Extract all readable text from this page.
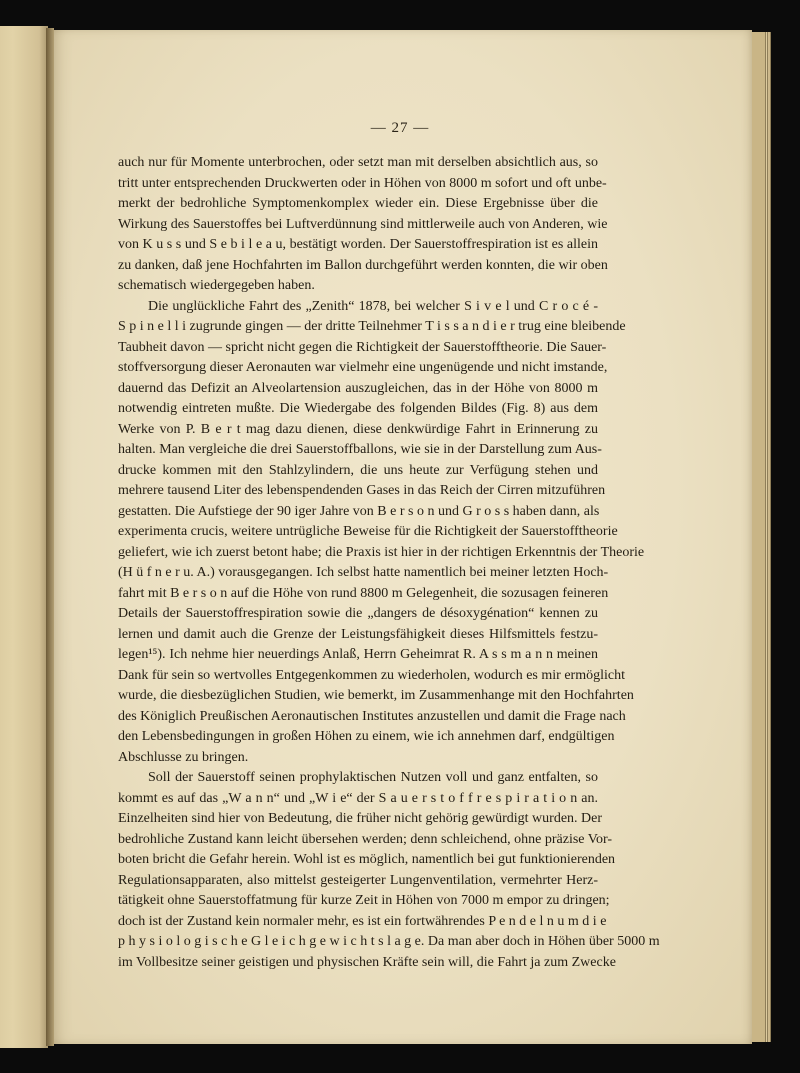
— 27 —
auch nur für Momente unterbrochen, oder setzt man mit derselben absichtlich aus, so
tritt unter entsprechenden Druckwerten oder in Höhen von 8000 m sofort und oft unbe-
merkt der bedrohliche Symptomenkomplex wieder ein. Diese Ergebnisse über die
Wirkung des Sauerstoffes bei Luftverdünnung sind mittlerweile auch von Anderen, wie
von K u s s und S e b i l e a u, bestätigt worden. Der Sauerstoffrespiration ist es allein
zu danken, daß jene Hochfahrten im Ballon durchgeführt werden konnten, die wir oben
schematisch wiedergegeben haben.
Die unglückliche Fahrt des „Zenith“ 1878, bei welcher S i v e l und C r o c é -
S p i n e l l i zugrunde gingen — der dritte Teilnehmer T i s s a n d i e r trug eine bleibende
Taubheit davon — spricht nicht gegen die Richtigkeit der Sauerstofftheorie. Die Sauer-
stoffversorgung dieser Aeronauten war vielmehr eine ungenügende und nicht imstande,
dauernd das Defizit an Alveolartension auszugleichen, das in der Höhe von 8000 m
notwendig eintreten mußte. Die Wiedergabe des folgenden Bildes (Fig. 8) aus dem
Werke von P. B e r t mag dazu dienen, diese denkwürdige Fahrt in Erinnerung zu
halten. Man vergleiche die drei Sauerstoffballons, wie sie in der Darstellung zum Aus-
drucke kommen mit den Stahlzylindern, die uns heute zur Verfügung stehen und
mehrere tausend Liter des lebenspendenden Gases in das Reich der Cirren mitzuführen
gestatten. Die Aufstiege der 90 iger Jahre von B e r s o n und G r o s s haben dann, als
experimenta crucis, weitere untrügliche Beweise für die Richtigkeit der Sauerstofftheorie
geliefert, wie ich zuerst betont habe; die Praxis ist hier in der richtigen Erkenntnis der Theorie
(H ü f n e r u. A.) vorausgegangen. Ich selbst hatte namentlich bei meiner letzten Hoch-
fahrt mit B e r s o n auf die Höhe von rund 8800 m Gelegenheit, die sozusagen feineren
Details der Sauerstoffrespiration sowie die „dangers de désoxygénation“ kennen zu
lernen und damit auch die Grenze der Leistungsfähigkeit dieses Hilfsmittels festzu-
legen¹⁵). Ich nehme hier neuerdings Anlaß, Herrn Geheimrat R. A s s m a n n meinen
Dank für sein so wertvolles Entgegenkommen zu wiederholen, wodurch es mir ermöglicht
wurde, die diesbezüglichen Studien, wie bemerkt, im Zusammenhange mit den Hochfahrten
des Königlich Preußischen Aeronautischen Institutes anzustellen und damit die Frage nach
den Lebensbedingungen in großen Höhen zu einem, wie ich annehmen darf, endgültigen
Abschlusse zu bringen.
Soll der Sauerstoff seinen prophylaktischen Nutzen voll und ganz entfalten, so
kommt es auf das „W a n n“ und „W i e“ der S a u e r s t o f f r e s p i r a t i o n an.
Einzelheiten sind hier von Bedeutung, die früher nicht gehörig gewürdigt wurden. Der
bedrohliche Zustand kann leicht übersehen werden; denn schleichend, ohne präzise Vor-
boten bricht die Gefahr herein. Wohl ist es möglich, namentlich bei gut funktionierenden
Regulationsapparaten, also mittelst gesteigerter Lungenventilation, vermehrter Herz-
tätigkeit ohne Sauerstoffatmung für kurze Zeit in Höhen von 7000 m empor zu dringen;
doch ist der Zustand kein normaler mehr, es ist ein fortwährendes P e n d e l n u m d i e
p h y s i o l o g i s c h e G l e i c h g e w i c h t s l a g e. Da man aber doch in Höhen über 5000 m
im Vollbesitze seiner geistigen und physischen Kräfte sein will, die Fahrt ja zum Zwecke
